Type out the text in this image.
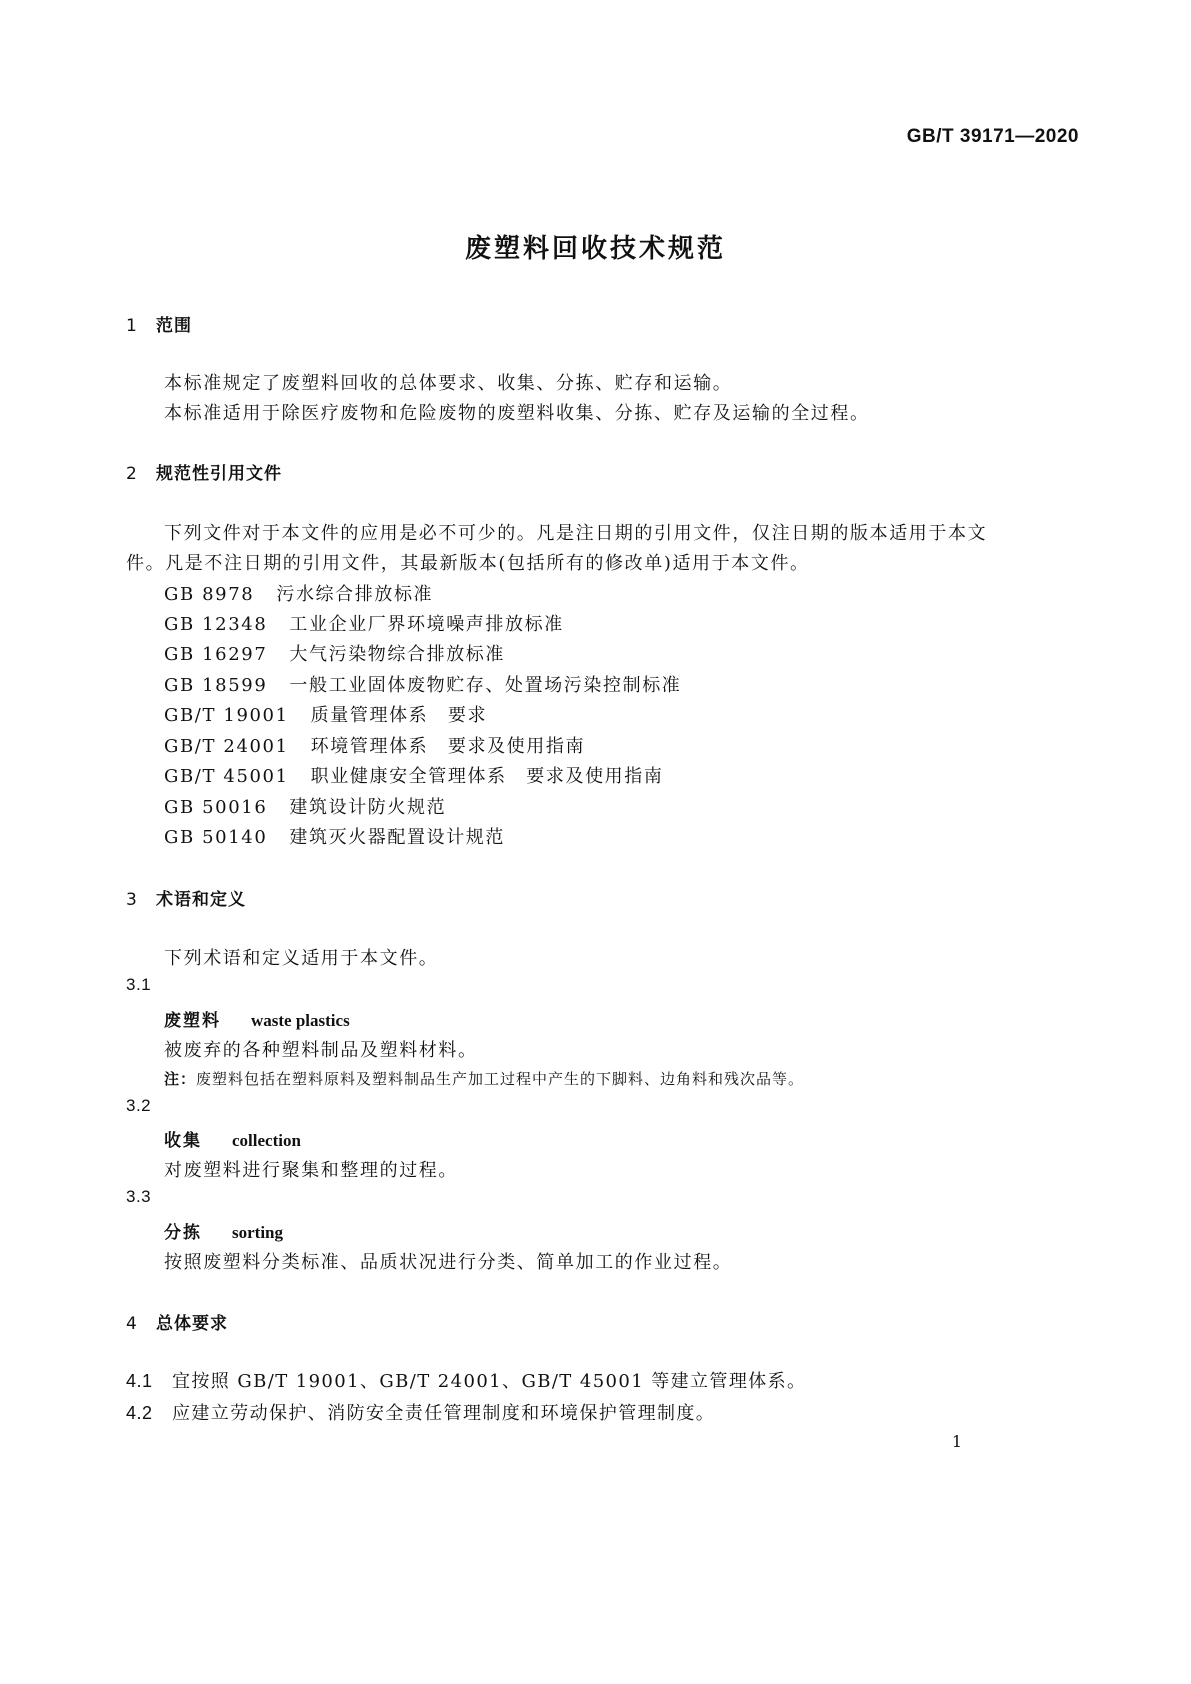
GB/T 39171—2020
废塑料回收技术规范
1 范围
本标准规定了废塑料回收的总体要求、收集、分拣、贮存和运输。
本标准适用于除医疗废物和危险废物的废塑料收集、分拣、贮存及运输的全过程。
2 规范性引用文件
下列文件对于本文件的应用是必不可少的。凡是注日期的引用文件，仅注日期的版本适用于本文
件。凡是不注日期的引用文件，其最新版本(包括所有的修改单)适用于本文件。
GB 8978 污水综合排放标准
GB 12348 工业企业厂界环境噪声排放标准
GB 16297 大气污染物综合排放标准
GB 18599 一般工业固体废物贮存、处置场污染控制标准
GB/T 19001 质量管理体系　要求
GB/T 24001 环境管理体系　要求及使用指南
GB/T 45001 职业健康安全管理体系　要求及使用指南
GB 50016 建筑设计防火规范
GB 50140 建筑灭火器配置设计规范
3 术语和定义
下列术语和定义适用于本文件。
3.1
废塑料 waste plastics
被废弃的各种塑料制品及塑料材料。
注：废塑料包括在塑料原料及塑料制品生产加工过程中产生的下脚料、边角料和残次品等。
3.2
收集 collection
对废塑料进行聚集和整理的过程。
3.3
分拣 sorting
按照废塑料分类标准、品质状况进行分类、简单加工的作业过程。
4 总体要求
4.1 宜按照 GB/T 19001、GB/T 24001、GB/T 45001 等建立管理体系。
4.2 应建立劳动保护、消防安全责任管理制度和环境保护管理制度。
1
